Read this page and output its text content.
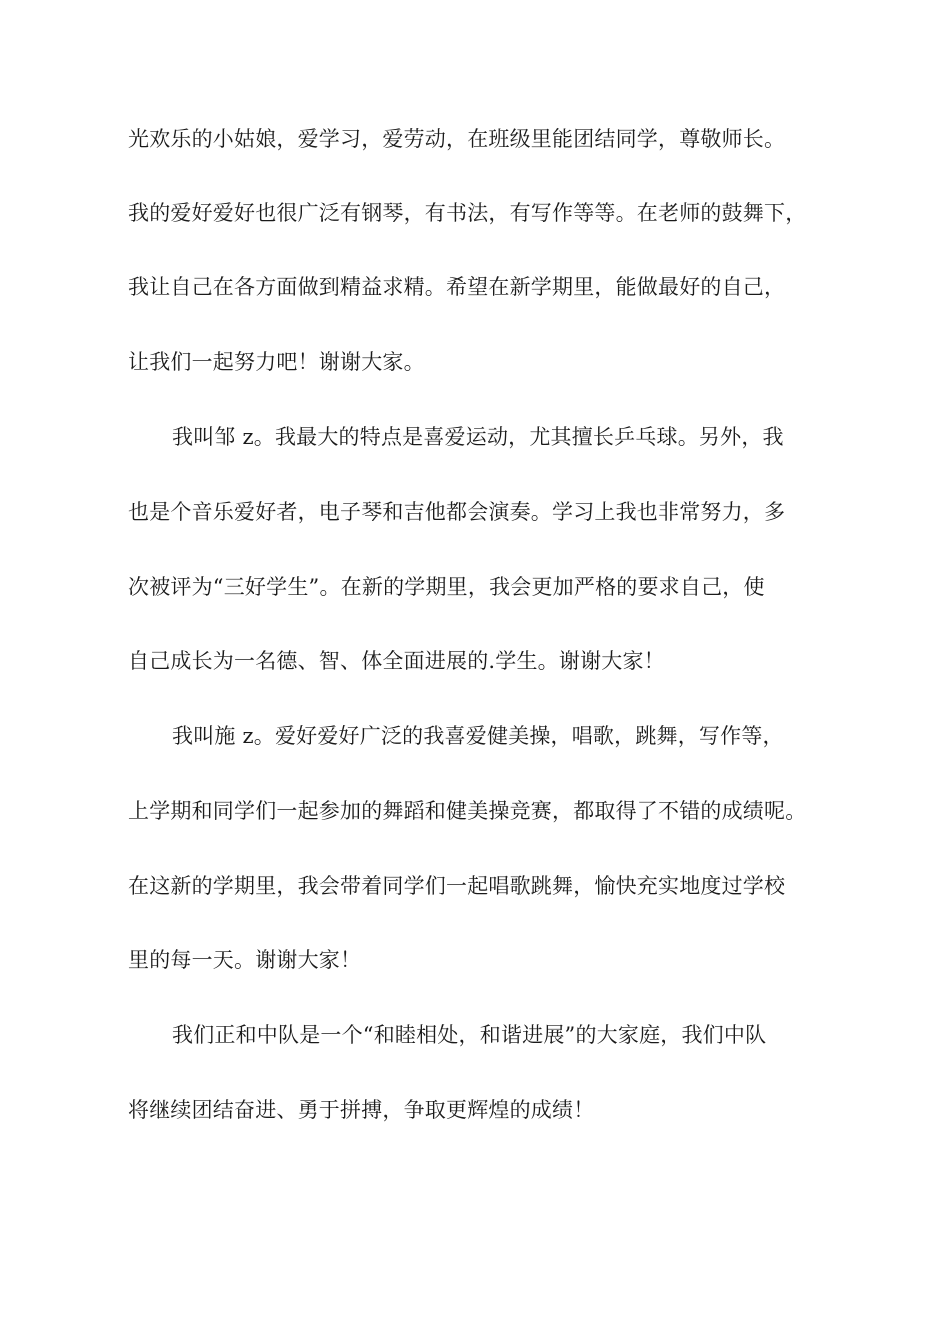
光欢乐的小姑娘，爱学习，爱劳动，在班级里能团结同学，尊敬师长。

我的爱好爱好也很广泛有钢琴，有书法，有写作等等。在老师的鼓舞下，

我让自己在各方面做到精益求精。希望在新学期里，能做最好的自己，

让我们一起努力吧！谢谢大家。

我叫邹 z。我最大的特点是喜爱运动，尤其擅长乒乓球。另外，我

也是个音乐爱好者，电子琴和吉他都会演奏。学习上我也非常努力，多

次被评为“三好学生”。在新的学期里，我会更加严格的要求自己，使

自己成长为一名德、智、体全面进展的.学生。谢谢大家！

我叫施 z。爱好爱好广泛的我喜爱健美操，唱歌，跳舞，写作等，

上学期和同学们一起参加的舞蹈和健美操竞赛，都取得了不错的成绩呢。

在这新的学期里，我会带着同学们一起唱歌跳舞，愉快充实地度过学校

里的每一天。谢谢大家！

我们正和中队是一个“和睦相处，和谐进展”的大家庭，我们中队

将继续团结奋进、勇于拼搏，争取更辉煌的成绩！
